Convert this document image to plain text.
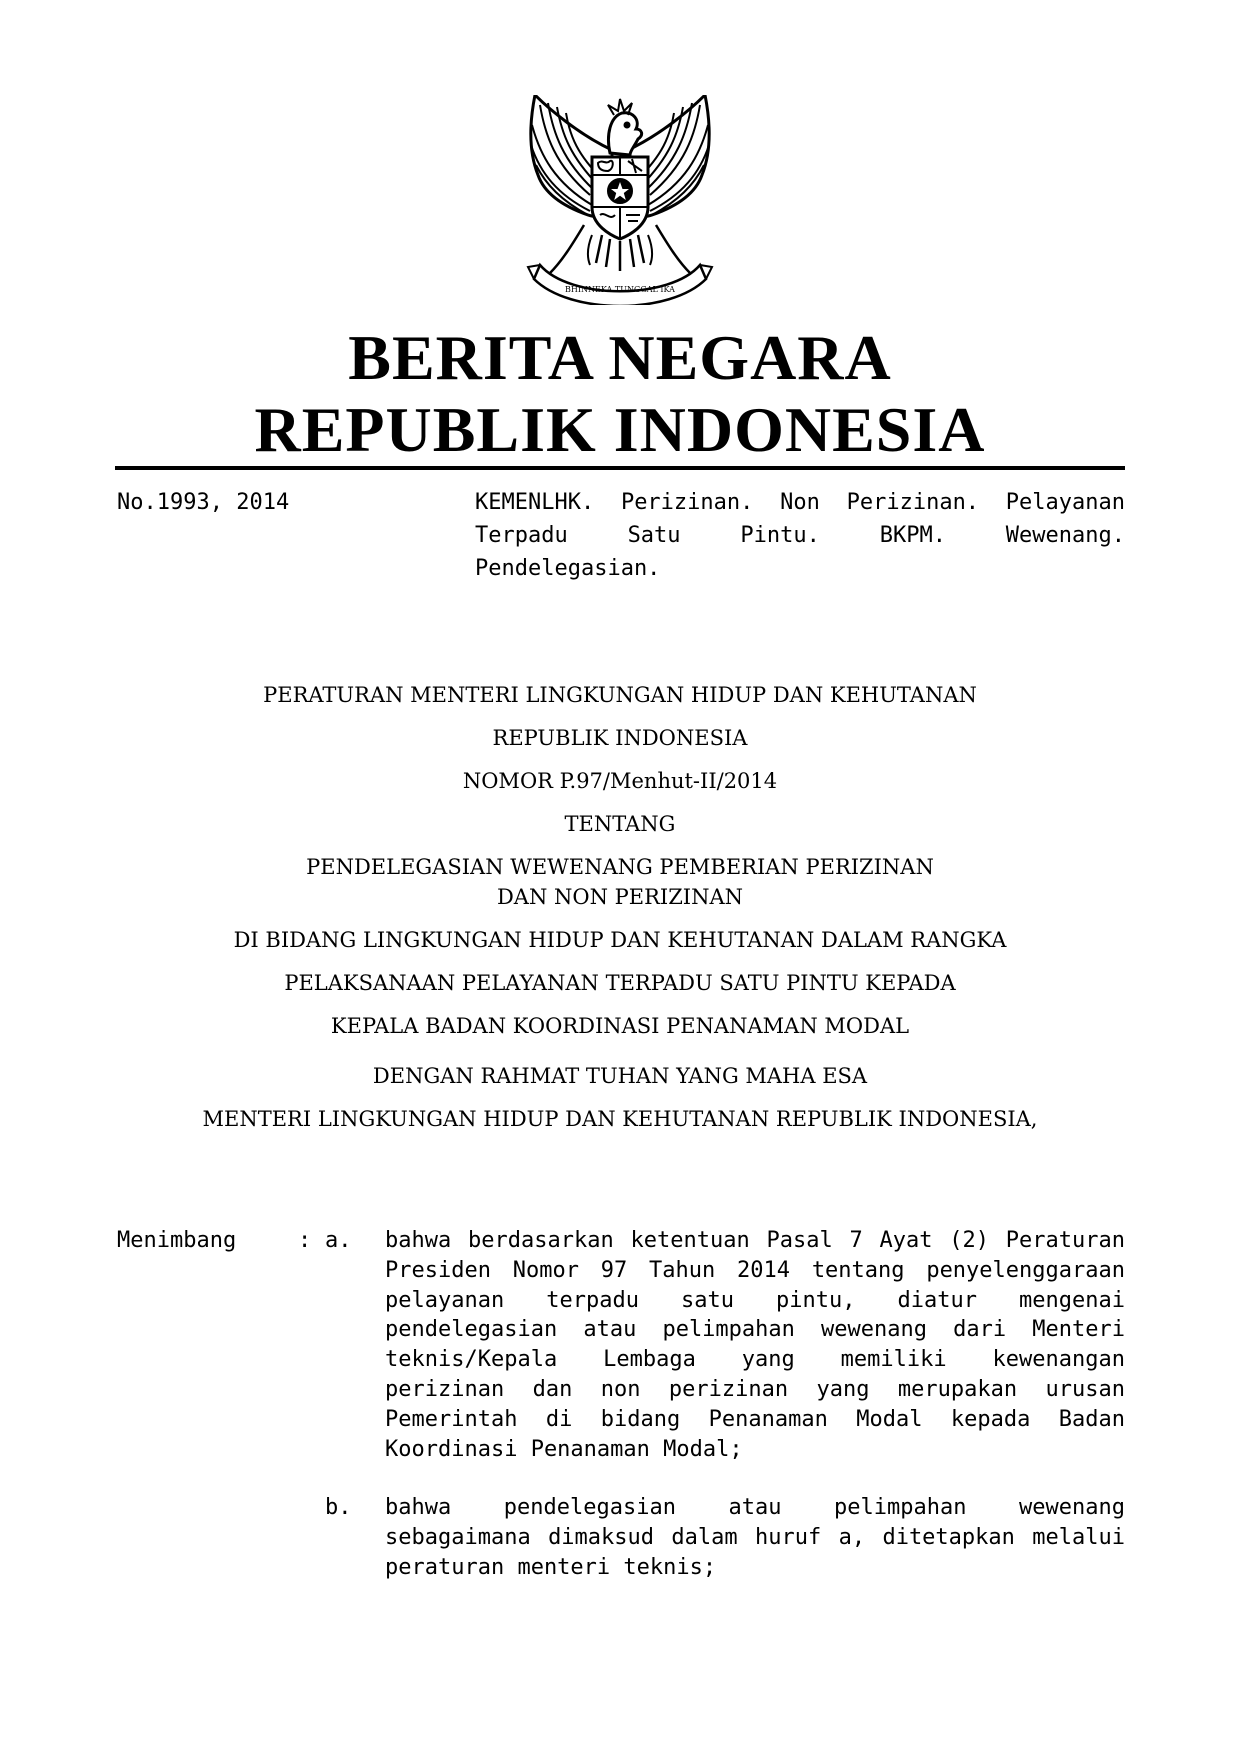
BHINNEKA TUNGGAL IKA
BERITA NEGARA
REPUBLIK INDONESIA
No.1993, 2014	KEMENLHK. Perizinan. Non Perizinan. Pelayanan Terpadu Satu Pintu. BKPM. Wewenang. Pendelegasian.
PERATURAN MENTERI LINGKUNGAN HIDUP DAN KEHUTANAN
REPUBLIK INDONESIA
NOMOR P.97/Menhut-II/2014
TENTANG
PENDELEGASIAN WEWENANG PEMBERIAN PERIZINAN DAN NON PERIZINAN
DI BIDANG LINGKUNGAN HIDUP DAN KEHUTANAN DALAM RANGKA
PELAKSANAAN PELAYANAN TERPADU SATU PINTU KEPADA
KEPALA BADAN KOORDINASI PENANAMAN MODAL
DENGAN RAHMAT TUHAN YANG MAHA ESA
MENTERI LINGKUNGAN HIDUP DAN KEHUTANAN REPUBLIK INDONESIA,
Menimbang	: a. bahwa berdasarkan ketentuan Pasal 7 Ayat (2) Peraturan Presiden Nomor 97 Tahun 2014 tentang penyelenggaraan pelayanan terpadu satu pintu, diatur mengenai pendelegasian atau pelimpahan wewenang dari Menteri teknis/Kepala Lembaga yang memiliki kewenangan perizinan dan non perizinan yang merupakan urusan Pemerintah di bidang Penanaman Modal kepada Badan Koordinasi Penanaman Modal;
b. bahwa pendelegasian atau pelimpahan wewenang sebagaimana dimaksud dalam huruf a, ditetapkan melalui peraturan menteri teknis;
